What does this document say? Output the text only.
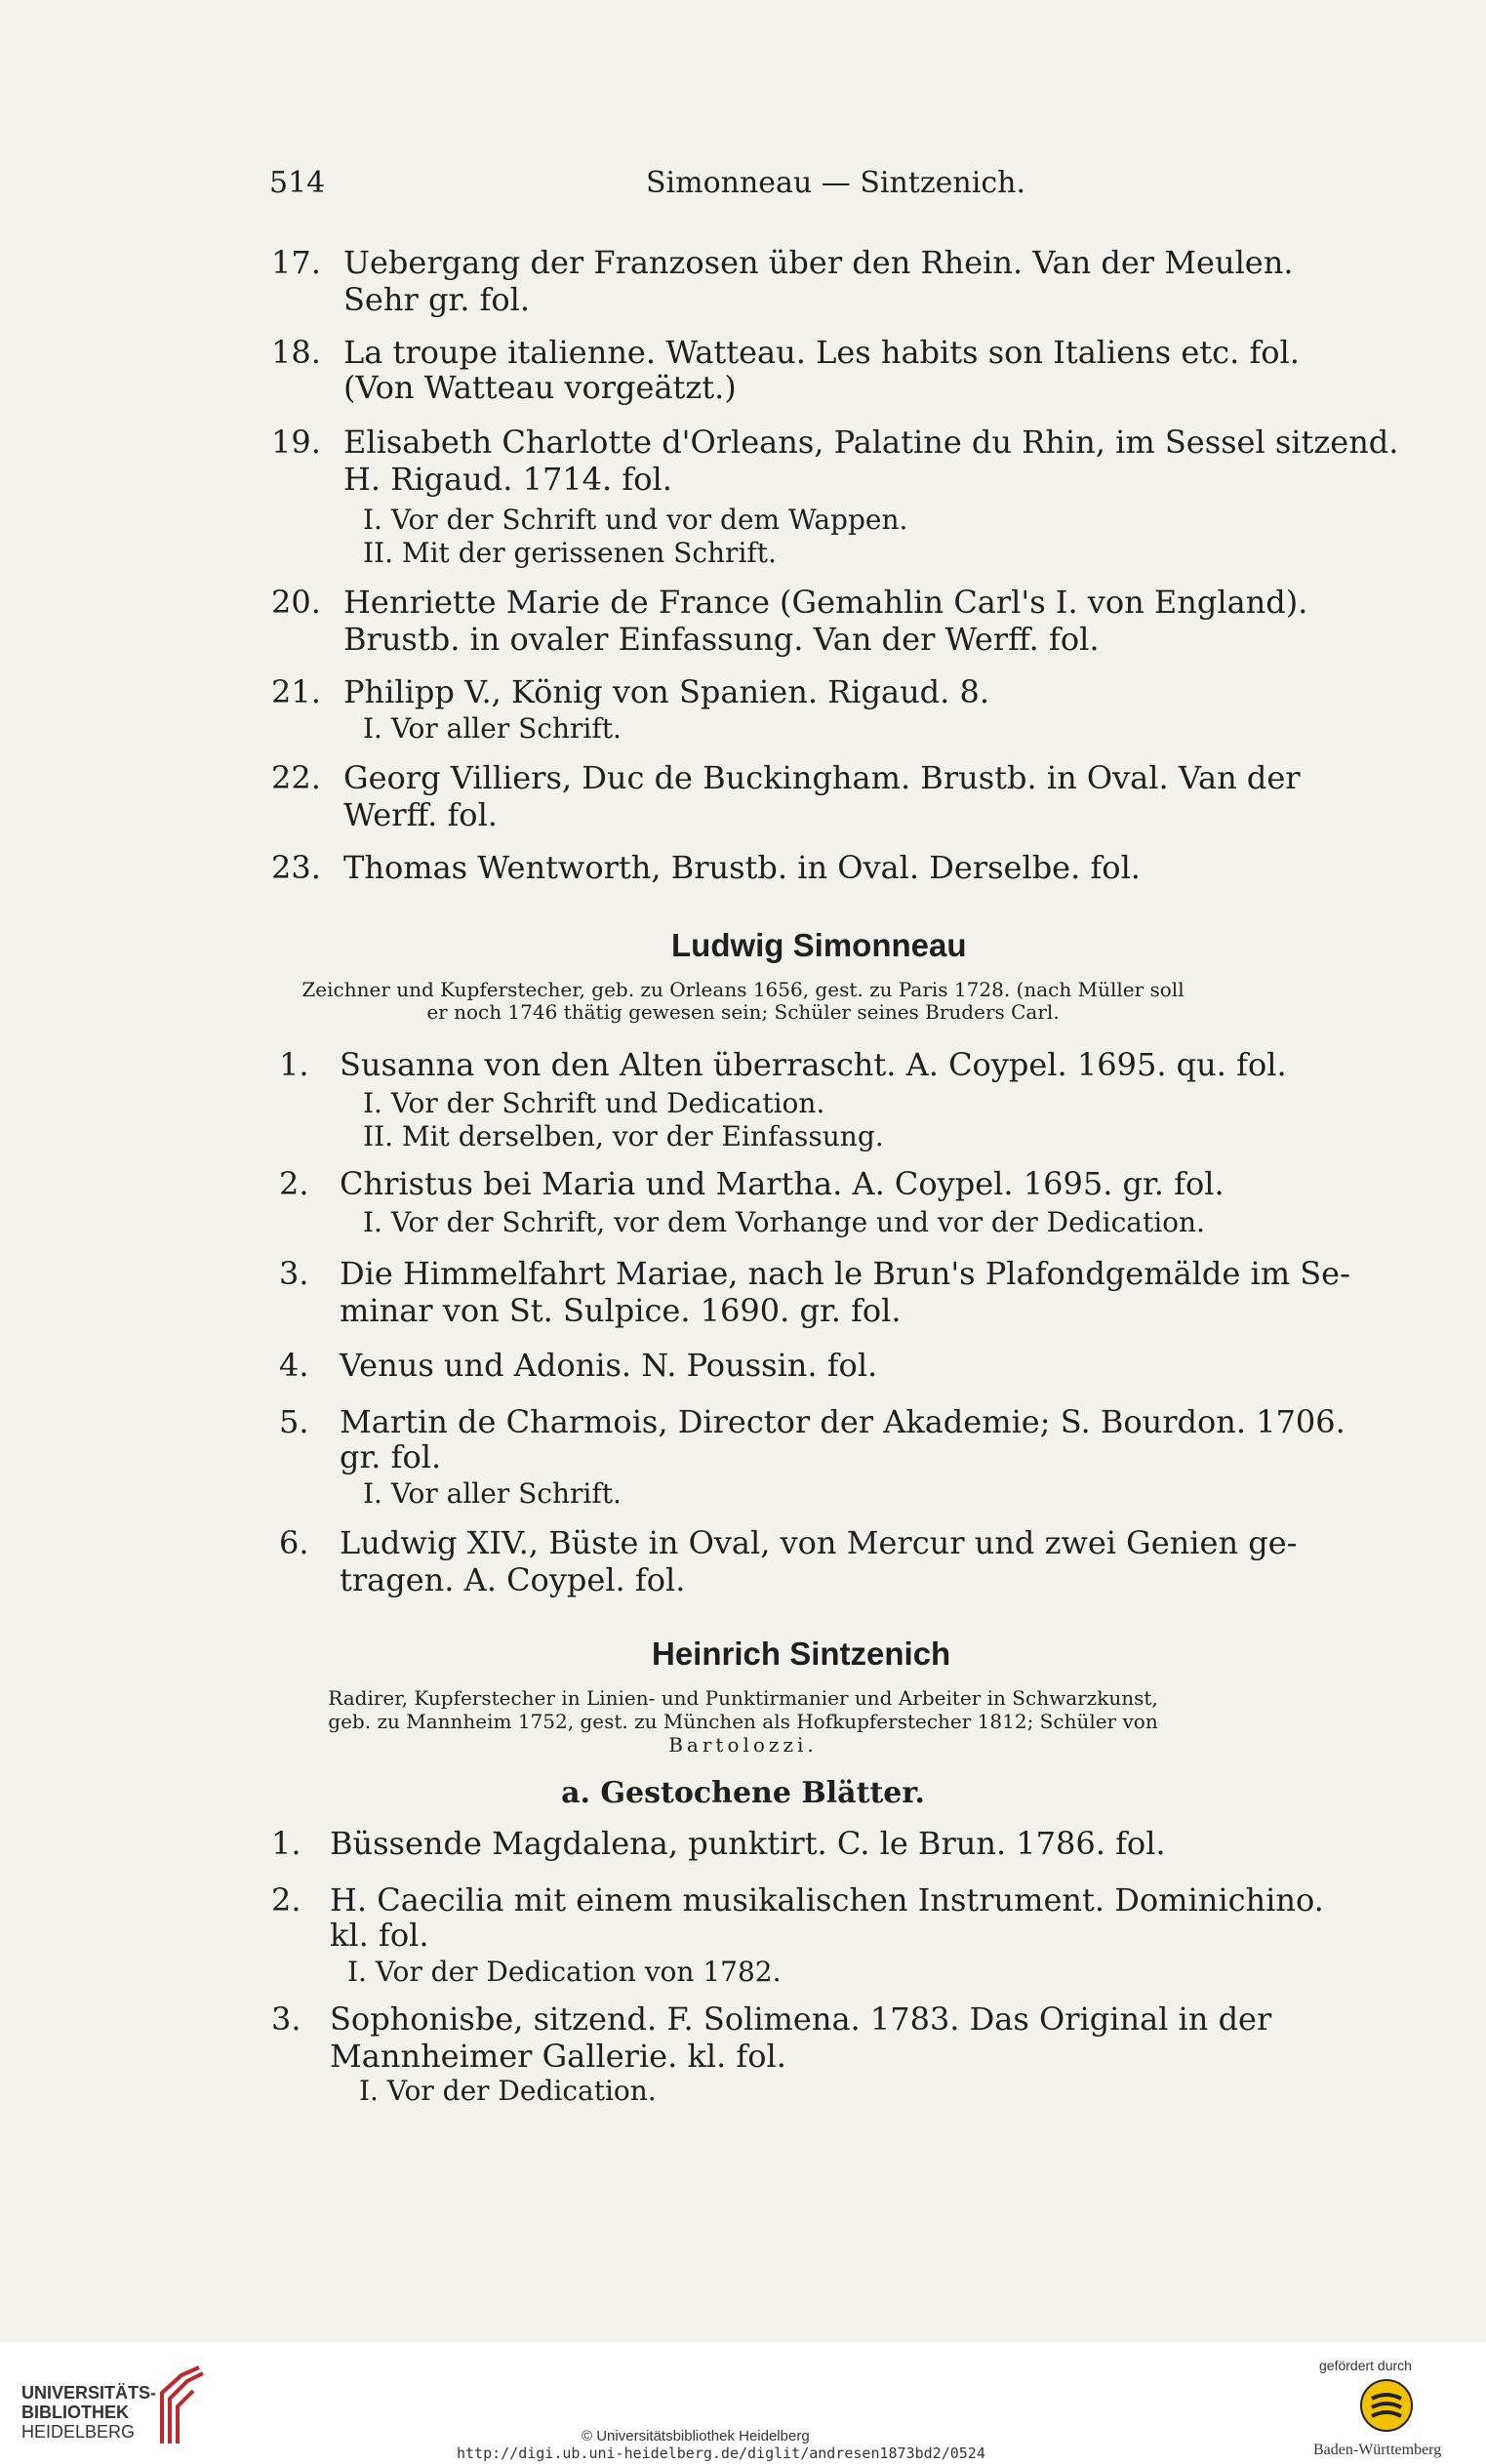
514	Simonneau — Sintzenich.
17. Uebergang der Franzosen über den Rhein. Van der Meulen.
Sehr gr. fol.
18. La troupe italienne. Watteau. Les habits son Italiens etc. fol.
(Von Watteau vorgeätzt.)
19. Elisabeth Charlotte d'Orleans, Palatine du Rhin, im Sessel sitzend.
H. Rigaud. 1714. fol.
I. Vor der Schrift und vor dem Wappen.
II. Mit der gerissenen Schrift.
20. Henriette Marie de France (Gemahlin Carl's I. von England).
Brustb. in ovaler Einfassung. Van der Werff. fol.
21. Philipp V., König von Spanien. Rigaud. 8.
I. Vor aller Schrift.
22. Georg Villiers, Duc de Buckingham. Brustb. in Oval. Van der
Werff. fol.
23. Thomas Wentworth, Brustb. in Oval. Derselbe. fol.
Ludwig Simonneau
Zeichner und Kupferstecher, geb. zu Orleans 1656, gest. zu Paris 1728. (nach Müller soll
er noch 1746 thätig gewesen sein; Schüler seines Bruders Carl.
1. Susanna von den Alten überrascht. A. Coypel. 1695. qu. fol.
I. Vor der Schrift und Dedication.
II. Mit derselben, vor der Einfassung.
2. Christus bei Maria und Martha. A. Coypel. 1695. gr. fol.
I. Vor der Schrift, vor dem Vorhange und vor der Dedication.
3. Die Himmelfahrt Mariae, nach le Brun's Plafondgemälde im Se-
minar von St. Sulpice. 1690. gr. fol.
4. Venus und Adonis. N. Poussin. fol.
5. Martin de Charmois, Director der Akademie; S. Bourdon. 1706.
gr. fol.
I. Vor aller Schrift.
6. Ludwig XIV., Büste in Oval, von Mercur und zwei Genien ge-
tragen. A. Coypel. fol.
Heinrich Sintzenich
Radirer, Kupferstecher in Linien- und Punktirmanier und Arbeiter in Schwarzkunst,
geb. zu Mannheim 1752, gest. zu München als Hofkupferstecher 1812; Schüler von
Bartolozzi.
a. Gestochene Blätter.
1. Büssende Magdalena, punktirt. C. le Brun. 1786. fol.
2. H. Caecilia mit einem musikalischen Instrument. Dominichino.
kl. fol.
I. Vor der Dedication von 1782.
3. Sophonisbe, sitzend. F. Solimena. 1783. Das Original in der
Mannheimer Gallerie. kl. fol.
I. Vor der Dedication.
UNIVERSITÄTS-
BIBLIOTHEK
HEIDELBERG	© Universitätsbibliothek Heidelberg
http://digi.ub.uni-heidelberg.de/diglit/andresen1873bd2/0524
gefördert durch
Baden-Württemberg
